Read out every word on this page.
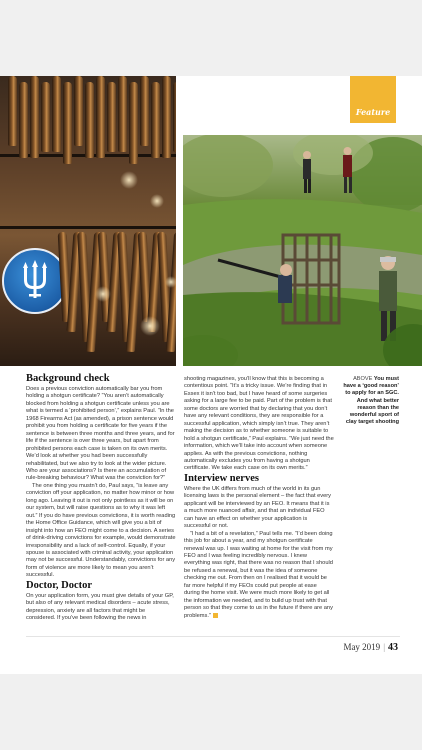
Feature
Background check

Does a previous conviction automatically bar you from holding a shotgun certificate? “You aren’t automatically blocked from holding a shotgun certificate unless you are what is termed a ‘prohibited person’,” explains Paul. “In the 1968 Firearms Act (as amended), a prison sentence would prohibit you from holding a certificate for five years if the sentence is between three months and three years, and for life if the sentence is over three years, but apart from prohibited persons each case is taken on its own merits. We’d look at whether you had been successfully rehabilitated, but we also try to look at the wider picture. Who are your associations? Is there an accumulation of rule-breaking behaviour? What was the conviction for?”

The one thing you mustn’t do, Paul says, “is leave any conviction off your application, no matter how minor or how long ago. Leaving it out is not only pointless as it will be on our system, but will raise questions as to why it was left out.” If you do have previous convictions, it is worth reading the Home Office Guidance, which will give you a bit of insight into how an FEO might come to a decision. A series of drink-driving convictions for example, would demonstrate irresponsibility and a lack of self-control. Equally, if your spouse is associated with criminal activity, your application may not be successful. Understandably, convictions for any form of violence are more likely to mean you aren’t successful.

Doctor, Doctor

On your application form, you must give details of your GP, but also of any relevant medical disorders – acute stress, depression, anxiety are all factors that might be considered. If you’ve been following the news in

shooting magazines, you’ll know that this is becoming a contentious point. “It’s a tricky issue. We’re finding that in Essex it isn’t too bad, but I have heard of some surgeries asking for a large fee to be paid. Part of the problem is that some doctors are worried that by declaring that you don’t have any relevant conditions, they are responsible for a successful application, which simply isn’t true. They aren’t making the decision as to whether someone is suitable to hold a shotgun certificate,” Paul explains. “We just need the information, which we’ll take into account when someone applies. As with the previous convictions, nothing automatically excludes you from having a shotgun certificate. We take each case on its own merits.”

Interview nerves

Where the UK differs from much of the world in its gun licensing laws is the personal element – the fact that every applicant will be interviewed by an FEO. It means that it is a much more nuanced affair, and that an individual FEO can have an effect on whether your application is successful or not.

“I had a bit of a revelation,” Paul tells me. “I’d been doing this job for about a year, and my shotgun certificate renewal was up. I was waiting at home for the visit from my FEO and I was feeling incredibly nervous. I knew everything was right, that there was no reason that I should be refused a renewal, but it was the idea of someone checking me out. From then on I realised that it would be far more helpful if my FEOs could put people at ease during the home visit. We were much more likely to get all the information we needed, and to build up trust with that person so that they come to us in the future if there are any problems.”

ABOVE You must have a ‘good reason’ to apply for an SGC. And what better reason than the wonderful sport of clay target shooting
May 2019 | 43
